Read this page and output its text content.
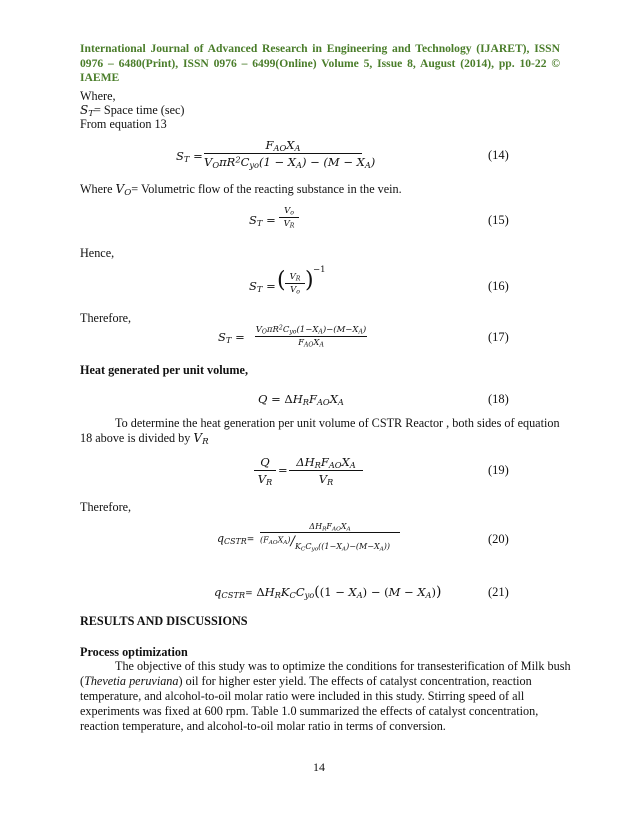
International Journal of Advanced Research in Engineering and Technology (IJARET), ISSN 0976 – 6480(Print), ISSN 0976 – 6499(Online) Volume 5, Issue 8, August (2014), pp. 10-22 © IAEME
Where,
$S_T=$ Space time (sec)
From equation 13
$S_T$ =
$F_{AO}X_A$
$V_O\pi R^2C_{yo}(1 - X_A) - (M - X_A)$	(14)
Where $V_O=$ Volumetric flow of the reacting substance in the vein.
$S_T$ =
$V_o$
$V_R$	(15)
Hence,
$S_T$ = ( $V_R$
$V_o$ ) −1
(16)
Therefore,
$S_T = V_O\pi R^2C_{yo}(1-X_A)-(M-X_A)$
$F_{AO}X_A$
(17)
Heat generated per unit volume,
$Q = \Delta H_RF_{AO}X_A$	(18)
To determine the heat generation per unit volume of CSTR Reactor , both sides of equation
18 above is divided by $V_R$
Q
$V_R$
=
$\Delta H_RF_{AO}X_A$
$V_R$
(19)
Therefore,
$q_{CSTR}=$
$\Delta H_RF_{AO}X_A$
$(F_{AO}X_A)/K_CC_{yo}((1-X_A)-(M-X_A))$
(20)
$q_{CSTR}= \Delta H_RK_CC_{yo}((1 - X_A) - (M - X_A))$	(21)
RESULTS AND DISCUSSIONS
Process optimization
The objective of this study was to optimize the conditions for transesterification of Milk bush
(Thevetia peruviana) oil for higher ester yield. The effects of catalyst concentration, reaction
temperature, and alcohol-to-oil molar ratio were included in this study. Stirring speed of all
experiments was fixed at 600 rpm. Table 1.0 summarized the effects of catalyst concentration,
reaction temperature, and alcohol-to-oil molar ratio in terms of conversion.
14
